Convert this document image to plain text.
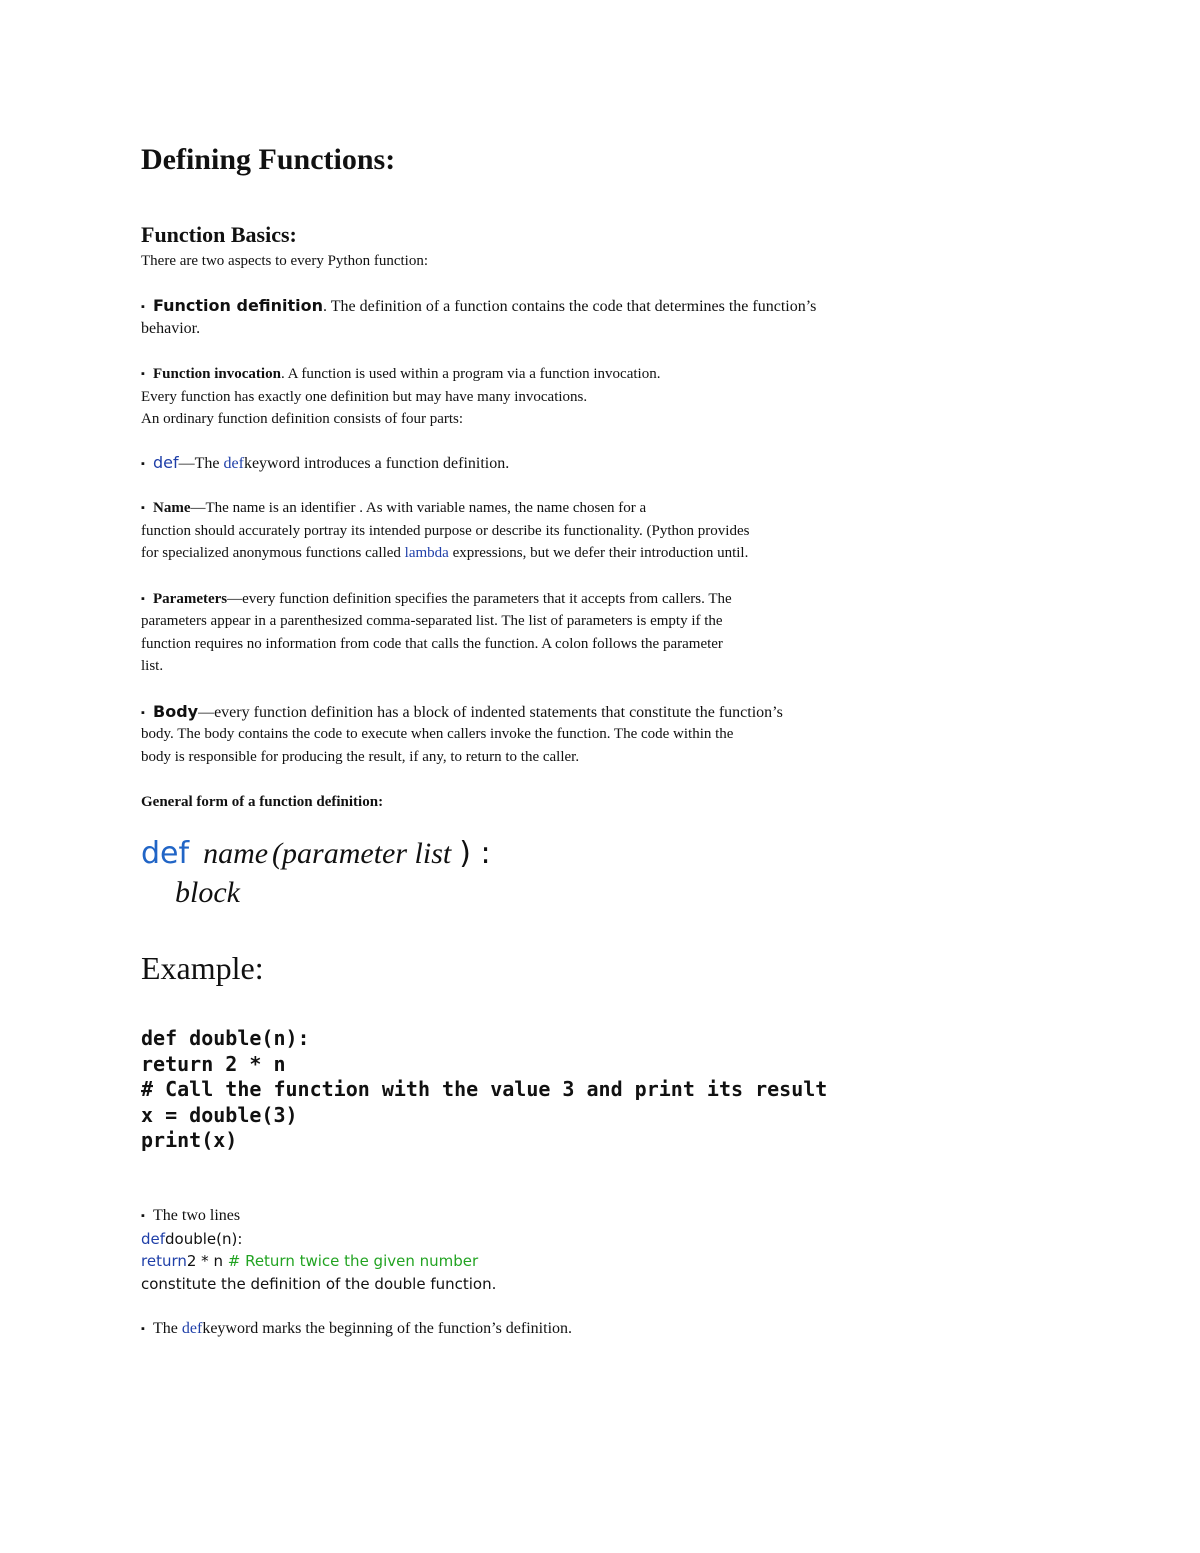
Defining Functions:
Function Basics:
There are two aspects to every Python function:
▪ Function definition. The definition of a function contains the code that determines the function’s
behavior.
▪ Function invocation. A function is used within a program via a function invocation.
Every function has exactly one definition but may have many invocations.
An ordinary function definition consists of four parts:
▪ def—The defkeyword introduces a function definition.
▪ Name—The name is an identifier . As with variable names, the name chosen for a
function should accurately portray its intended purpose or describe its functionality. (Python provides
for specialized anonymous functions called lambda expressions, but we defer their introduction until.
▪ Parameters—every function definition specifies the parameters that it accepts from callers. The
parameters appear in a parenthesized comma-separated list. The list of parameters is empty if the
function requires no information from code that calls the function. A colon follows the parameter
list.
▪ Body—every function definition has a block of indented statements that constitute the function’s
body. The body contains the code to execute when callers invoke the function. The code within the
body is responsible for producing the result, if any, to return to the caller.
General form of a function definition:
def name (parameter list ) :
block
Example:
def double(n):
return 2 * n
# Call the function with the value 3 and print its result
x = double(3)
print(x)
▪ The two lines
defdouble(n):
return2 * n # Return twice the given number
constitute the definition of the double function.
▪ The defkeyword marks the beginning of the function’s definition.
